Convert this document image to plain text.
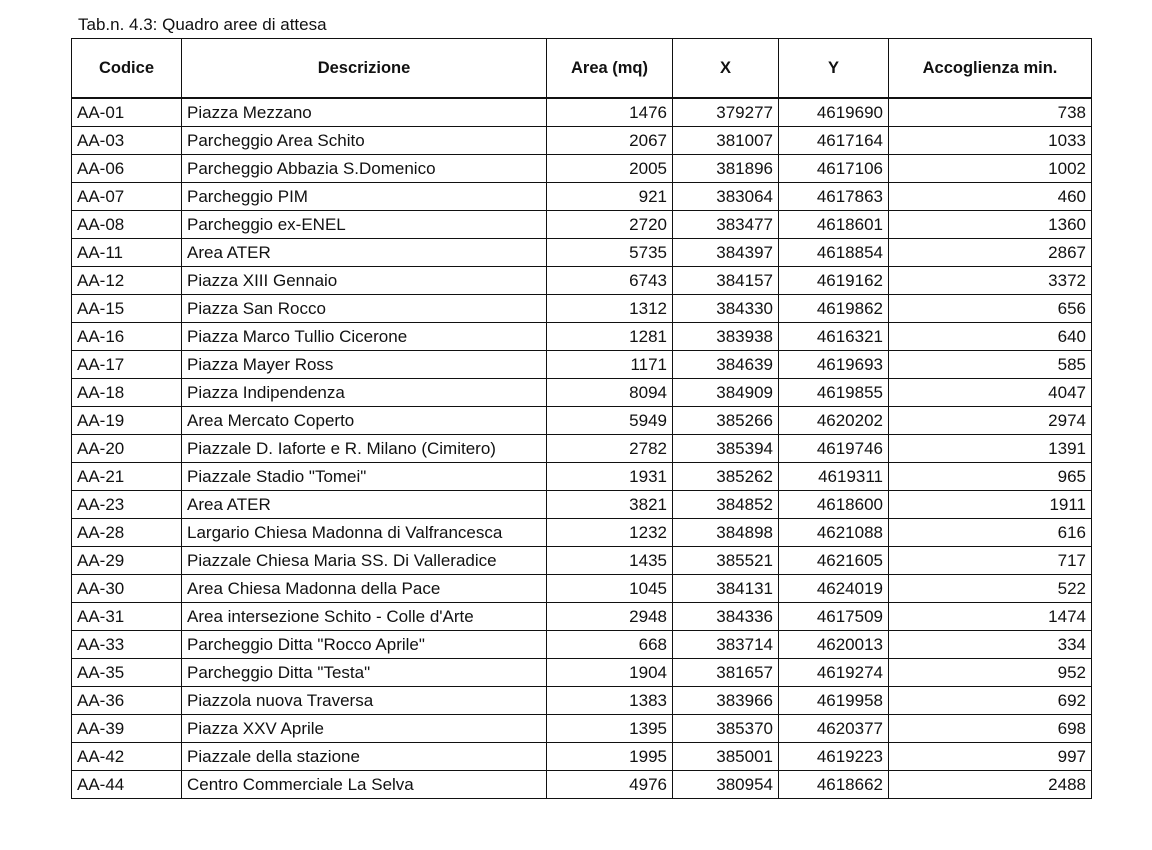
Tab.n. 4.3: Quadro aree di attesa
Codice	Descrizione	Area (mq)	X	Y	Accoglienza min.
AA-01	Piazza Mezzano	1476	379277	4619690	738
AA-03	Parcheggio Area Schito	2067	381007	4617164	1033
AA-06	Parcheggio Abbazia S.Domenico	2005	381896	4617106	1002
AA-07	Parcheggio PIM	921	383064	4617863	460
AA-08	Parcheggio ex-ENEL	2720	383477	4618601	1360
AA-11	Area ATER	5735	384397	4618854	2867
AA-12	Piazza XIII Gennaio	6743	384157	4619162	3372
AA-15	Piazza San Rocco	1312	384330	4619862	656
AA-16	Piazza Marco Tullio Cicerone	1281	383938	4616321	640
AA-17	Piazza Mayer Ross	1171	384639	4619693	585
AA-18	Piazza Indipendenza	8094	384909	4619855	4047
AA-19	Area Mercato Coperto	5949	385266	4620202	2974
AA-20	Piazzale D. Iaforte e R. Milano (Cimitero)	2782	385394	4619746	1391
AA-21	Piazzale Stadio "Tomei"	1931	385262	4619311	965
AA-23	Area ATER	3821	384852	4618600	1911
AA-28	Largario Chiesa Madonna di Valfrancesca	1232	384898	4621088	616
AA-29	Piazzale Chiesa Maria SS. Di Valleradice	1435	385521	4621605	717
AA-30	Area Chiesa Madonna della Pace	1045	384131	4624019	522
AA-31	Area intersezione Schito - Colle d'Arte	2948	384336	4617509	1474
AA-33	Parcheggio Ditta "Rocco Aprile"	668	383714	4620013	334
AA-35	Parcheggio Ditta "Testa"	1904	381657	4619274	952
AA-36	Piazzola nuova Traversa	1383	383966	4619958	692
AA-39	Piazza XXV Aprile	1395	385370	4620377	698
AA-42	Piazzale della stazione	1995	385001	4619223	997
AA-44	Centro Commerciale La Selva	4976	380954	4618662	2488
